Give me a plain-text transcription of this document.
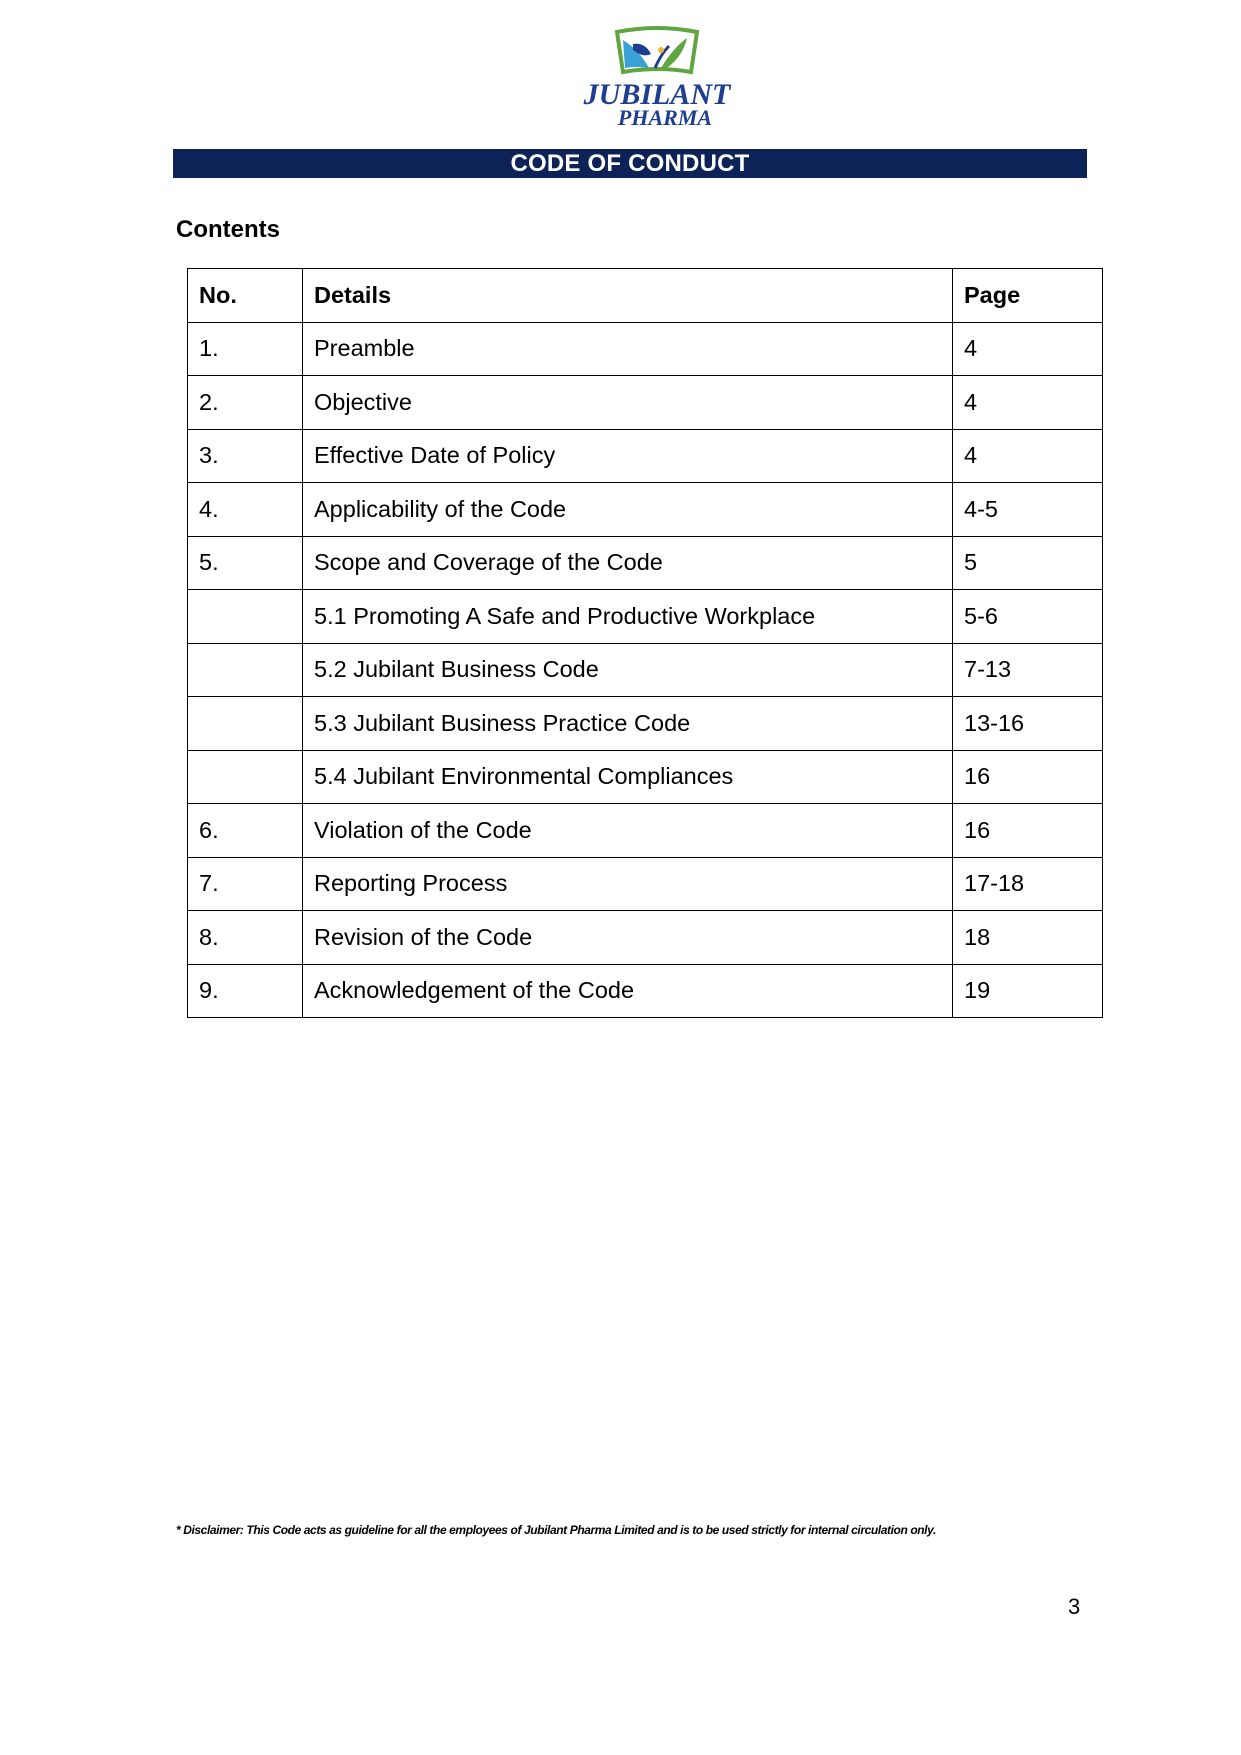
JUBILANT
PHARMA
CODE OF CONDUCT
Contents
No.	Details	Page
1.	Preamble	4
2.	Objective	4
3.	Effective Date of Policy	4
4.	Applicability of the Code	4-5
5.	Scope and Coverage of the Code	5
	5.1 Promoting A Safe and Productive Workplace	5-6
	5.2 Jubilant Business Code	7-13
	5.3 Jubilant Business Practice Code	13-16
	5.4 Jubilant Environmental Compliances	16
6.	Violation of the Code	16
7.	Reporting Process	17-18
8.	Revision of the Code	18
9.	Acknowledgement of the Code	19
* Disclaimer: This Code acts as guideline for all the employees of Jubilant Pharma Limited and is to be used strictly for internal circulation only.
3
